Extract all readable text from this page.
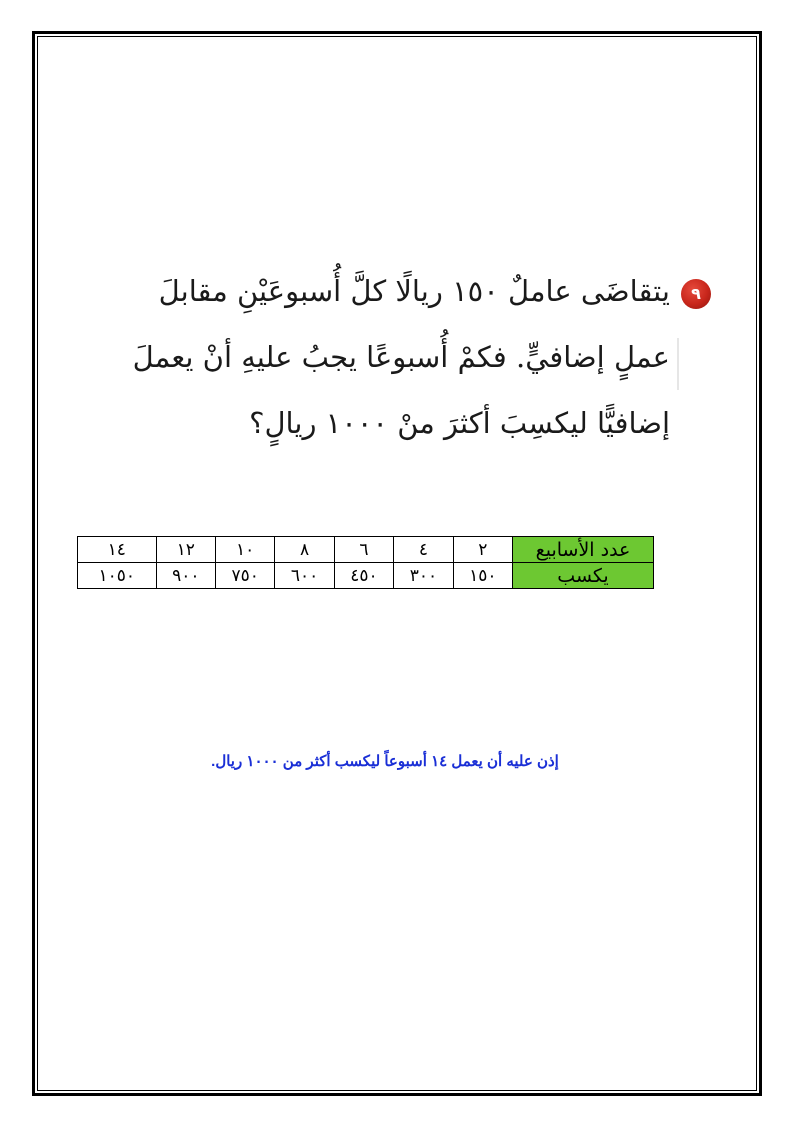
٩
يتقاضَى عاملٌ ١٥٠ ريالًا كلَّ أُسبوعَيْنِ مقابلَ
عملٍ إضافيٍّ. فكمْ أُسبوعًا يجبُ عليهِ أنْ يعملَ
إضافيًّا ليكسِبَ أكثرَ منْ ١٠٠٠ ريالٍ؟
عدد الأسابيع	٢	٤	٦	٨	١٠	١٢	١٤
يكسب	١٥٠	٣٠٠	٤٥٠	٦٠٠	٧٥٠	٩٠٠	١٠٥٠
إذن عليه أن يعمل ١٤ أسبوعاً ليكسب أكثر من ١٠٠٠ ريال.
